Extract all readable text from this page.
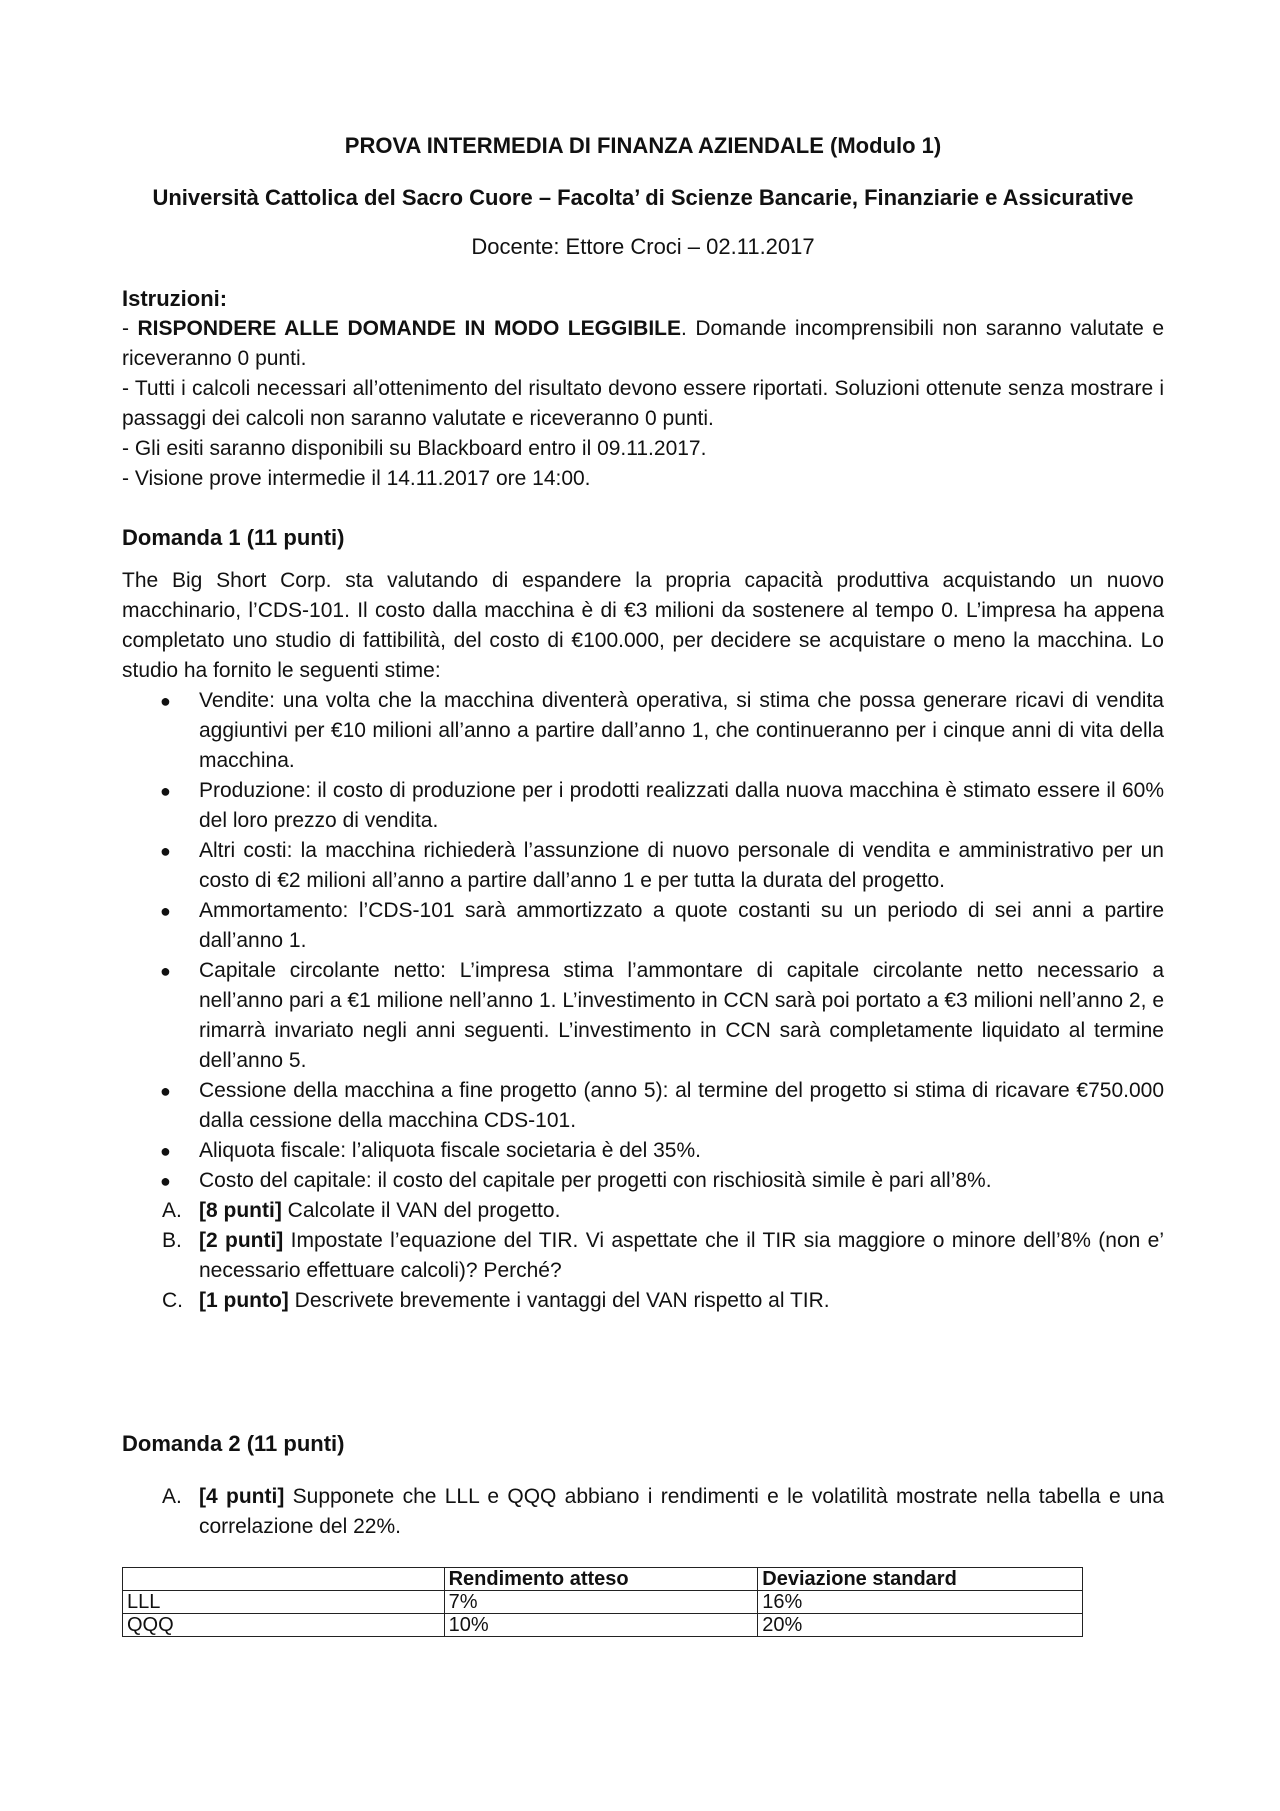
PROVA INTERMEDIA DI FINANZA AZIENDALE (Modulo 1)
Università Cattolica del Sacro Cuore – Facolta’ di Scienze Bancarie, Finanziarie e Assicurative
Docente: Ettore Croci – 02.11.2017
Istruzioni:
- RISPONDERE ALLE DOMANDE IN MODO LEGGIBILE. Domande incomprensibili non saranno valutate e riceveranno 0 punti.
- Tutti i calcoli necessari all’ottenimento del risultato devono essere riportati. Soluzioni ottenute senza mostrare i passaggi dei calcoli non saranno valutate e riceveranno 0 punti.
- Gli esiti saranno disponibili su Blackboard entro il 09.11.2017.
- Visione prove intermedie il 14.11.2017 ore 14:00.
Domanda 1 (11 punti)
The Big Short Corp. sta valutando di espandere la propria capacità produttiva acquistando un nuovo macchinario, l’CDS-101. Il costo dalla macchina è di €3 milioni da sostenere al tempo 0. L’impresa ha appena completato uno studio di fattibilità, del costo di €100.000, per decidere se acquistare o meno la macchina. Lo studio ha fornito le seguenti stime:
● Vendite: una volta che la macchina diventerà operativa, si stima che possa generare ricavi di vendita aggiuntivi per €10 milioni all’anno a partire dall’anno 1, che continueranno per i cinque anni di vita della macchina.
● Produzione: il costo di produzione per i prodotti realizzati dalla nuova macchina è stimato essere il 60% del loro prezzo di vendita.
● Altri costi: la macchina richiederà l’assunzione di nuovo personale di vendita e amministrativo per un costo di €2 milioni all’anno a partire dall’anno 1 e per tutta la durata del progetto.
● Ammortamento: l’CDS-101 sarà ammortizzato a quote costanti su un periodo di sei anni a partire dall’anno 1.
● Capitale circolante netto: L’impresa stima l’ammontare di capitale circolante netto necessario a nell’anno pari a €1 milione nell’anno 1. L’investimento in CCN sarà poi portato a €3 milioni nell’anno 2, e rimarrà invariato negli anni seguenti. L’investimento in CCN sarà completamente liquidato al termine dell’anno 5.
● Cessione della macchina a fine progetto (anno 5): al termine del progetto si stima di ricavare €750.000 dalla cessione della macchina CDS-101.
● Aliquota fiscale: l’aliquota fiscale societaria è del 35%.
● Costo del capitale: il costo del capitale per progetti con rischiosità simile è pari all’8%.
A. [8 punti] Calcolate il VAN del progetto.
B. [2 punti] Impostate l’equazione del TIR. Vi aspettate che il TIR sia maggiore o minore dell’8% (non e’ necessario effettuare calcoli)? Perché?
C. [1 punto] Descrivete brevemente i vantaggi del VAN rispetto al TIR.
Domanda 2 (11 punti)
A. [4 punti] Supponete che LLL e QQQ abbiano i rendimenti e le volatilità mostrate nella tabella e una correlazione del 22%.
	Rendimento atteso	Deviazione standard
LLL	7%	16%
QQQ	10%	20%
